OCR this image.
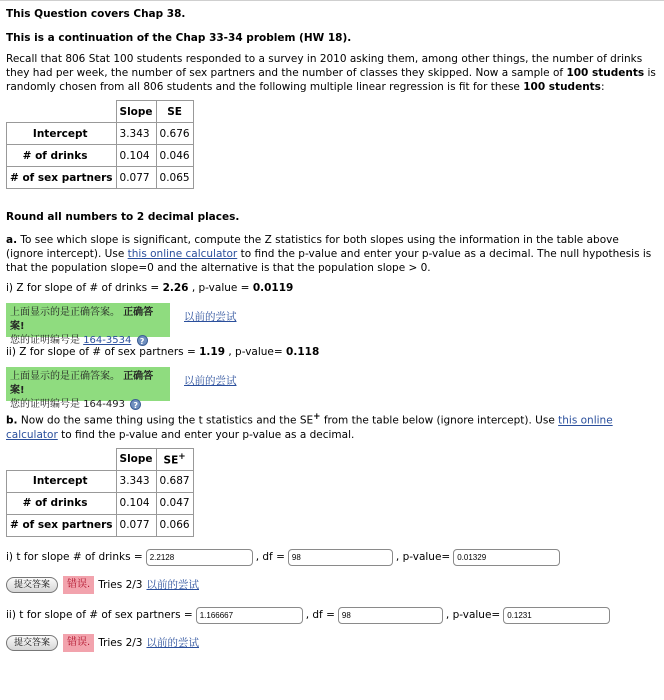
This Question covers Chap 38.

This is a continuation of the Chap 33-34 problem (HW 18).

Recall that 806 Stat 100 students responded to a survey in 2010 asking them, among other things, the number of drinks they had per week, the number of sex partners and the number of classes they skipped. Now a sample of 100 students is randomly chosen from all 806 students and the following multiple linear regression is fit for these 100 students:

	Slope	SE
Intercept	3.343	0.676
# of drinks	0.104	0.046
# of sex partners	0.077	0.065

Round all numbers to 2 decimal places.

a. To see which slope is significant, compute the Z statistics for both slopes using the information in the table above (ignore intercept). Use this online calculator to find the p-value and enter your p-value as a decimal. The null hypothesis is that the population slope=0 and the alternative is that the population slope > 0.

i) Z for slope of # of drinks = 2.26 , p-value = 0.0119

上面显示的是正确答案。 正确答案!
您的证明编号是 164-3534 ?
以前的尝试

ii) Z for slope of # of sex partners = 1.19 , p-value= 0.118

上面显示的是正确答案。 正确答案!
您的证明编号是 164-493 ?
以前的尝试

b. Now do the same thing using the t statistics and the SE+ from the table below (ignore intercept). Use this online calculator to find the p-value and enter your p-value as a decimal.

	Slope	SE+
Intercept	3.343	0.687
# of drinks	0.104	0.047
# of sex partners	0.077	0.066
i) t for slope # of drinks = 2.2128	, df = 98	, p-value= 0.01329
提交答案	错误. Tries 2/3 以前的尝试
ii) t for slope of # of sex partners = 1.166667	, df = 98	, p-value= 0.1231
提交答案	错误. Tries 2/3 以前的尝试
